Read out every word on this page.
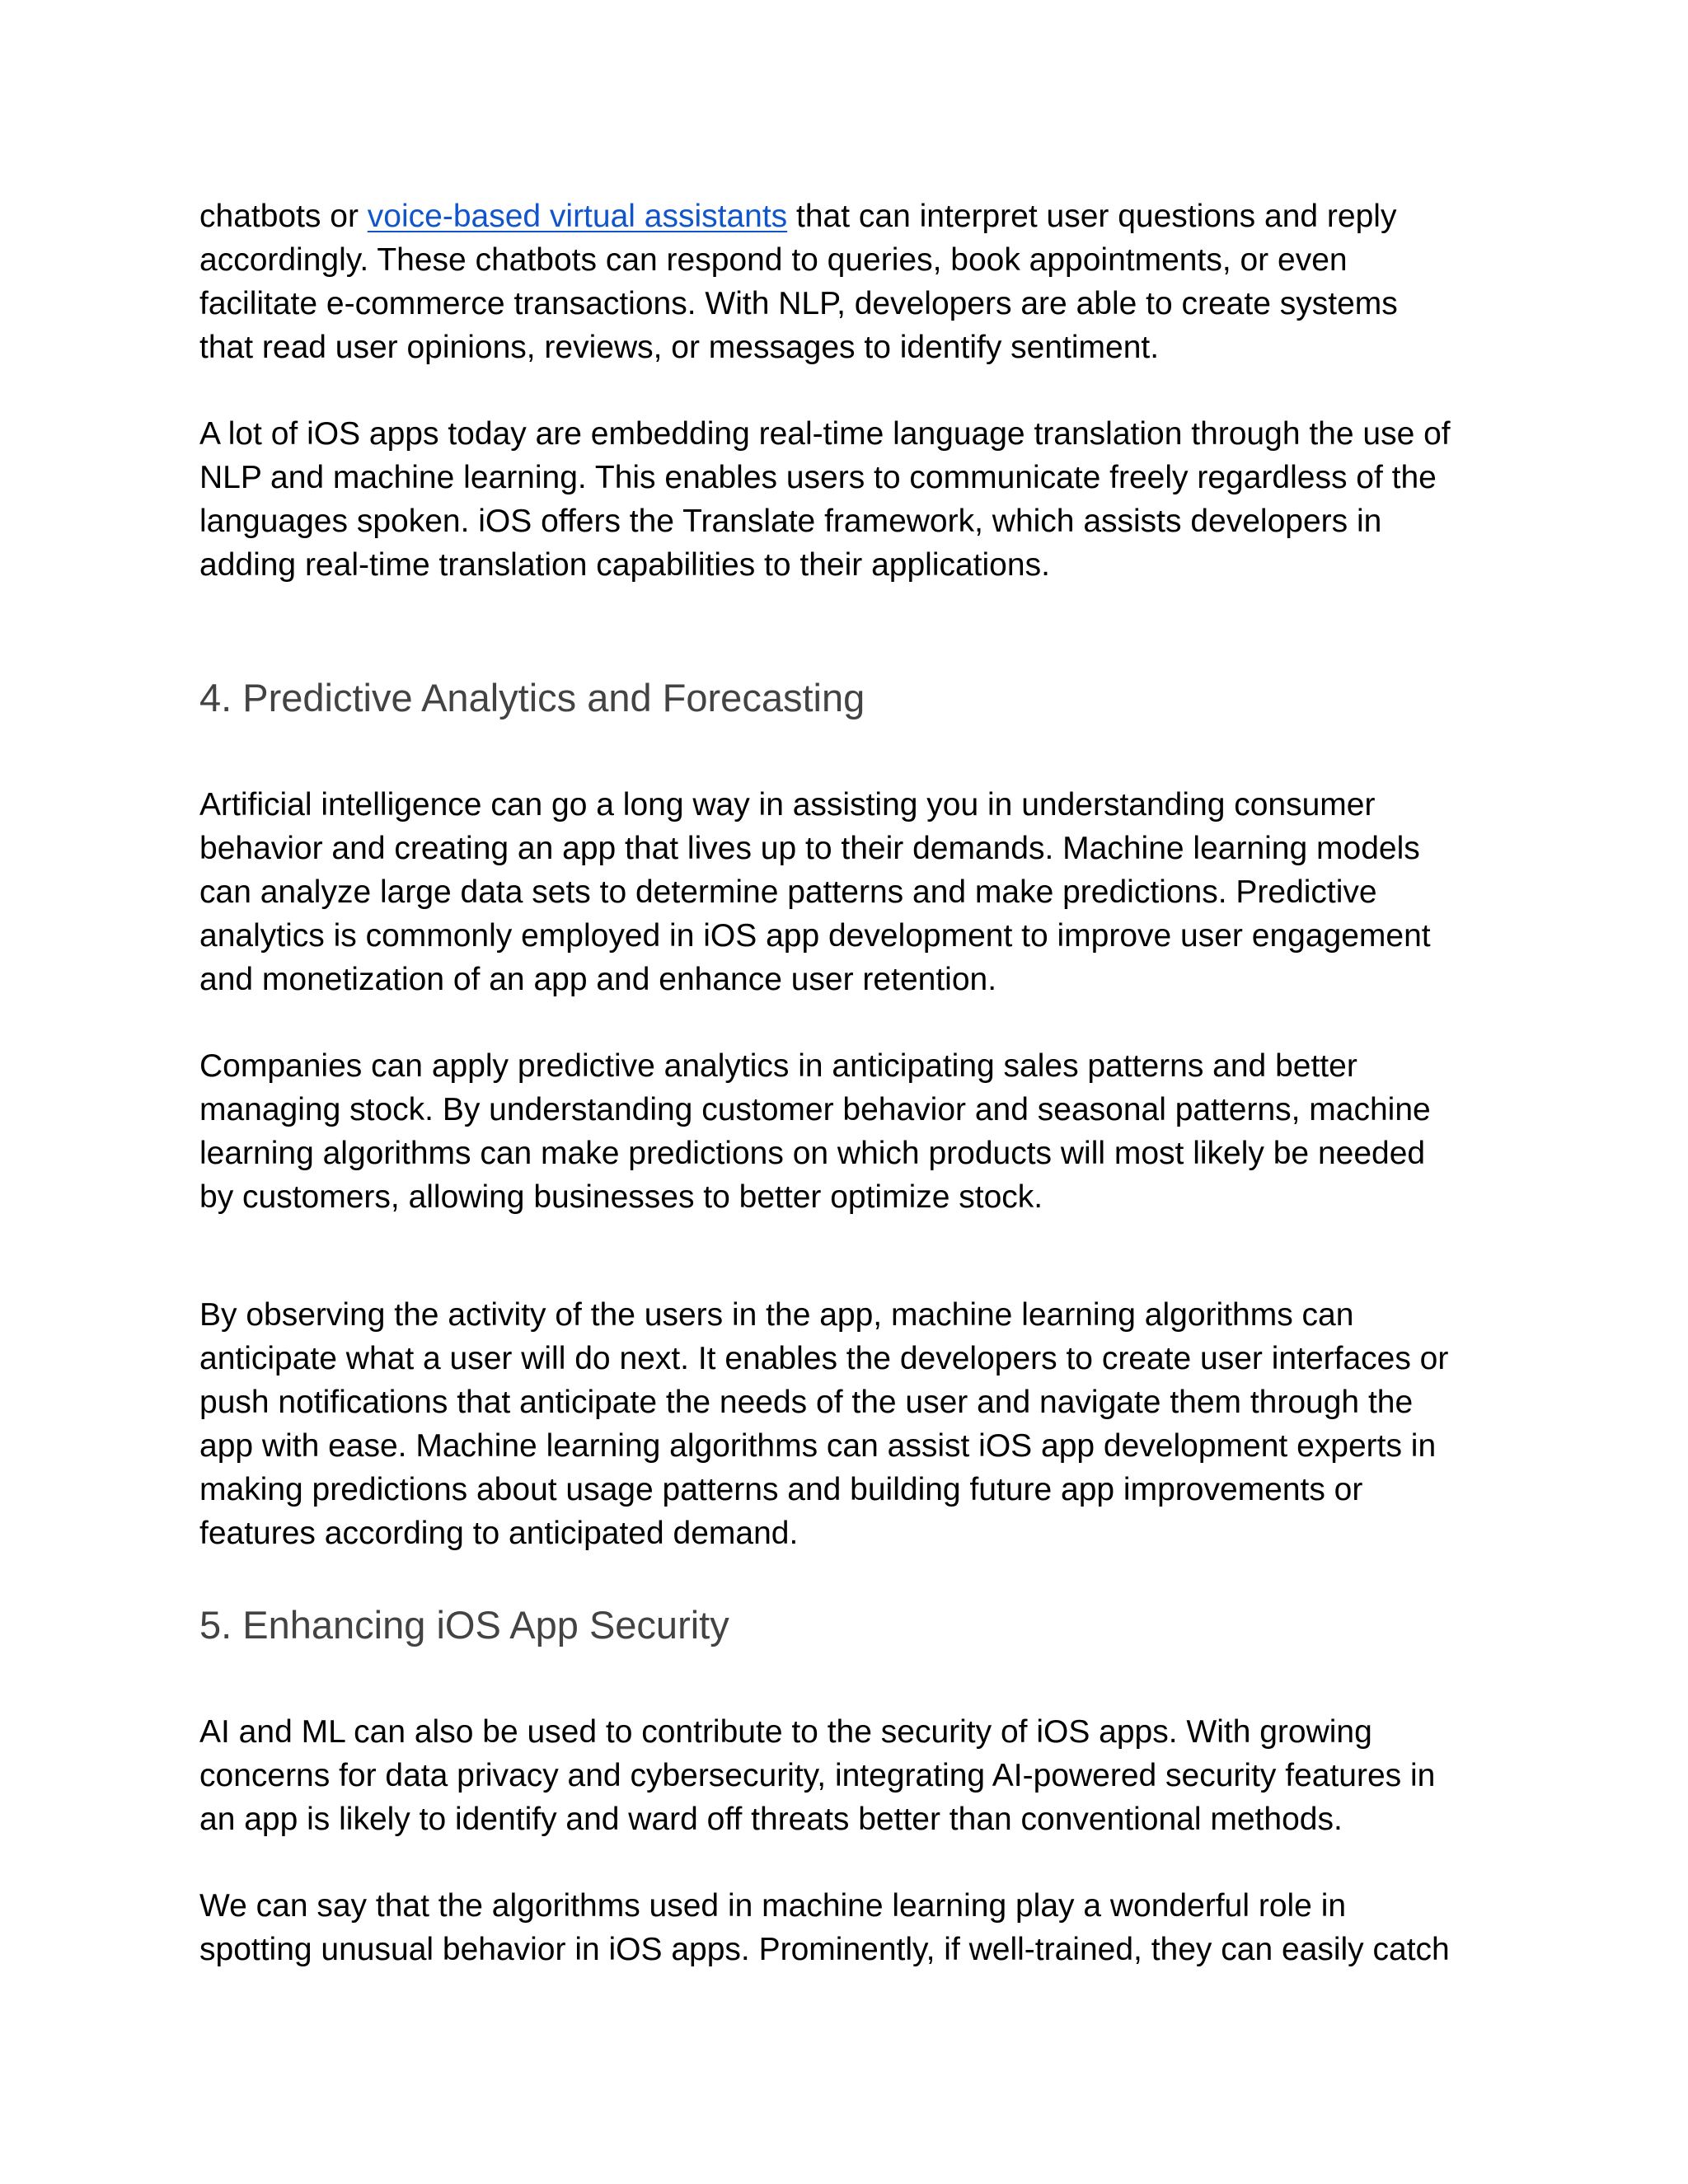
chatbots or voice-based virtual assistants that can interpret user questions and reply
accordingly. These chatbots can respond to queries, book appointments, or even
facilitate e-commerce transactions. With NLP, developers are able to create systems
that read user opinions, reviews, or messages to identify sentiment.

A lot of iOS apps today are embedding real-time language translation through the use of
NLP and machine learning. This enables users to communicate freely regardless of the
languages spoken. iOS offers the Translate framework, which assists developers in
adding real-time translation capabilities to their applications.

4. Predictive Analytics and Forecasting

Artificial intelligence can go a long way in assisting you in understanding consumer
behavior and creating an app that lives up to their demands. Machine learning models
can analyze large data sets to determine patterns and make predictions. Predictive
analytics is commonly employed in iOS app development to improve user engagement
and monetization of an app and enhance user retention.

Companies can apply predictive analytics in anticipating sales patterns and better
managing stock. By understanding customer behavior and seasonal patterns, machine
learning algorithms can make predictions on which products will most likely be needed
by customers, allowing businesses to better optimize stock.

By observing the activity of the users in the app, machine learning algorithms can
anticipate what a user will do next. It enables the developers to create user interfaces or
push notifications that anticipate the needs of the user and navigate them through the
app with ease. Machine learning algorithms can assist iOS app development experts in
making predictions about usage patterns and building future app improvements or
features according to anticipated demand.

5. Enhancing iOS App Security

AI and ML can also be used to contribute to the security of iOS apps. With growing
concerns for data privacy and cybersecurity, integrating AI-powered security features in
an app is likely to identify and ward off threats better than conventional methods.

We can say that the algorithms used in machine learning play a wonderful role in
spotting unusual behavior in iOS apps. Prominently, if well-trained, they can easily catch
